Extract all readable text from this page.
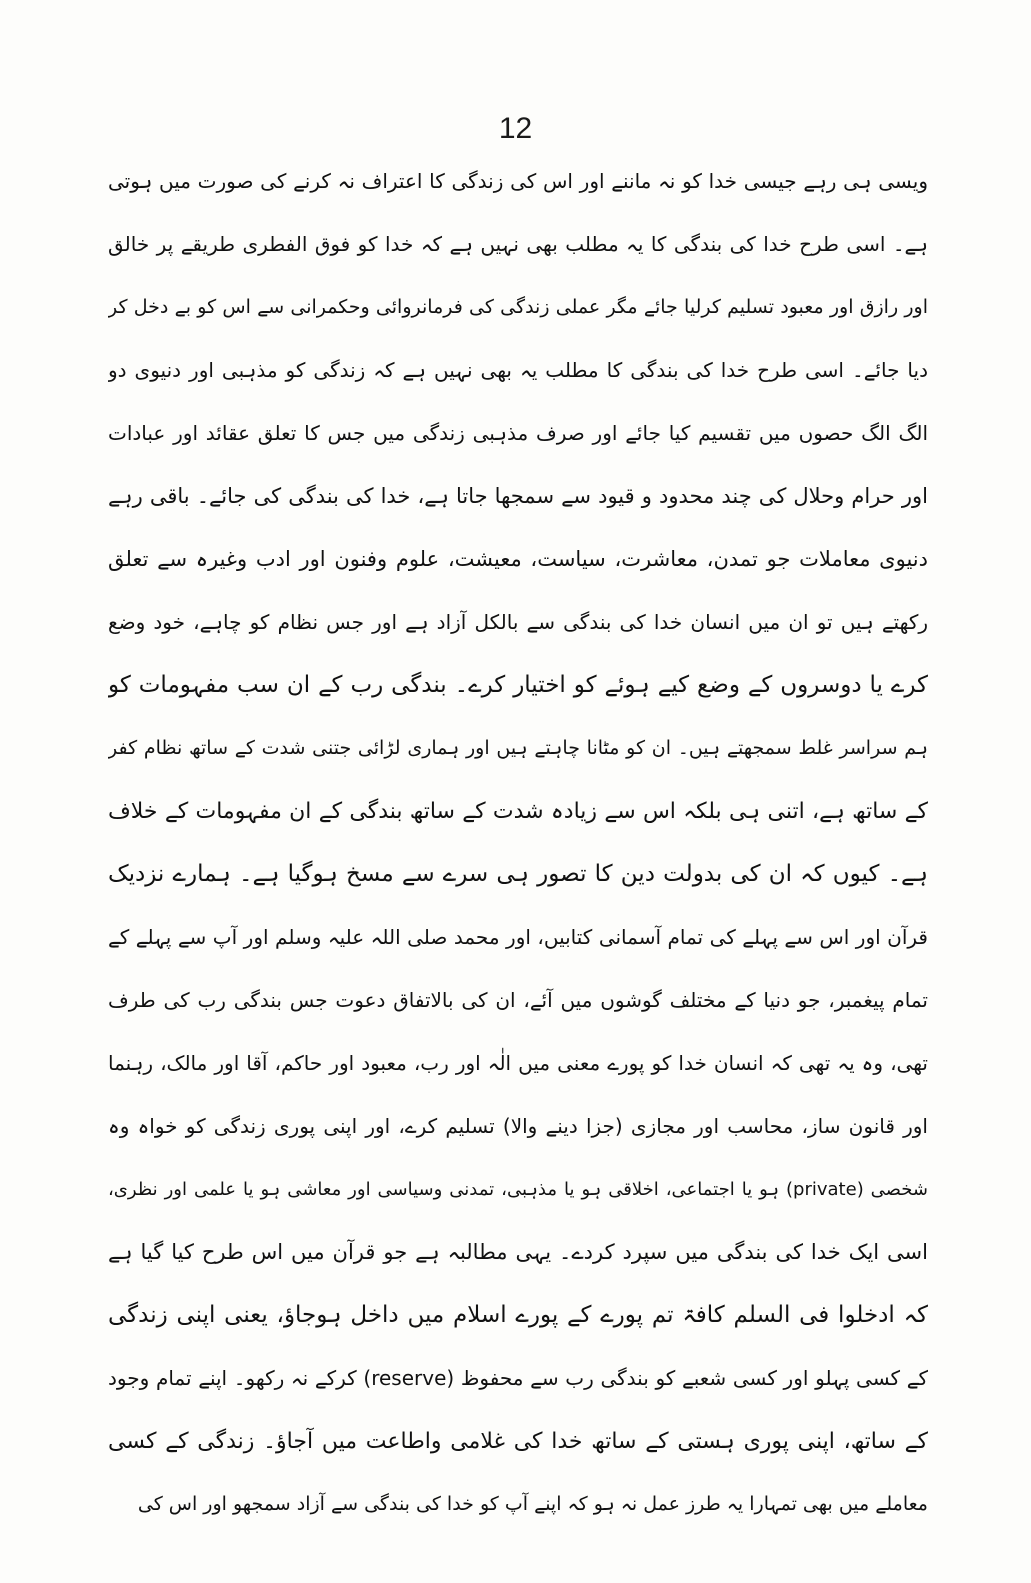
12
ویسی ہی رہے جیسی خدا کو نہ ماننے اور اس کی زندگی کا اعتراف نہ کرنے کی صورت میں ہوتی
ہے۔ اسی طرح خدا کی بندگی کا یہ مطلب بھی نہیں ہے کہ خدا کو فوق الفطری طریقے پر خالق
اور رازق اور معبود تسلیم کرلیا جائے مگر عملی زندگی کی فرمانروائی وحکمرانی سے اس کو بے دخل کر
دیا جائے۔ اسی طرح خدا کی بندگی کا مطلب یہ بھی نہیں ہے کہ زندگی کو مذہبی اور دنیوی دو
الگ الگ حصوں میں تقسیم کیا جائے اور صرف مذہبی زندگی میں جس کا تعلق عقائد اور عبادات
اور حرام وحلال کی چند محدود و قیود سے سمجھا جاتا ہے، خدا کی بندگی کی جائے۔ باقی رہے
دنیوی معاملات جو تمدن، معاشرت، سیاست، معیشت، علوم وفنون اور ادب وغیرہ سے تعلق
رکھتے ہیں تو ان میں انسان خدا کی بندگی سے بالکل آزاد ہے اور جس نظام کو چاہے، خود وضع
کرے یا دوسروں کے وضع کیے ہوئے کو اختیار کرے۔ بندگی رب کے ان سب مفہومات کو
ہم سراسر غلط سمجھتے ہیں۔ ان کو مٹانا چاہتے ہیں اور ہماری لڑائی جتنی شدت کے ساتھ نظام کفر
کے ساتھ ہے، اتنی ہی بلکہ اس سے زیادہ شدت کے ساتھ بندگی کے ان مفہومات کے خلاف
ہے۔ کیوں کہ ان کی بدولت دین کا تصور ہی سرے سے مسخ ہوگیا ہے۔ ہمارے نزدیک
قرآن اور اس سے پہلے کی تمام آسمانی کتابیں، اور محمد صلی اللہ علیہ وسلم اور آپ سے پہلے کے
تمام پیغمبر، جو دنیا کے مختلف گوشوں میں آئے، ان کی بالاتفاق دعوت جس بندگی رب کی طرف
تھی، وہ یہ تھی کہ انسان خدا کو پورے معنی میں الٰہ اور رب، معبود اور حاکم، آقا اور مالک، رہنما
اور قانون ساز، محاسب اور مجازی (جزا دینے والا) تسلیم کرے، اور اپنی پوری زندگی کو خواہ وہ
شخصی (private) ہو یا اجتماعی، اخلاقی ہو یا مذہبی، تمدنی وسیاسی اور معاشی ہو یا علمی اور نظری،
اسی ایک خدا کی بندگی میں سپرد کردے۔ یہی مطالبہ ہے جو قرآن میں اس طرح کیا گیا ہے
کہ ادخلوا فی السلم کافۃ تم پورے کے پورے اسلام میں داخل ہوجاؤ، یعنی اپنی زندگی
کے کسی پہلو اور کسی شعبے کو بندگی رب سے محفوظ (reserve) کرکے نہ رکھو۔ اپنے تمام وجود
کے ساتھ، اپنی پوری ہستی کے ساتھ خدا کی غلامی واطاعت میں آجاؤ۔ زندگی کے کسی
معاملے میں بھی تمہارا یہ طرز عمل نہ ہو کہ اپنے آپ کو خدا کی بندگی سے آزاد سمجھو اور اس کی
